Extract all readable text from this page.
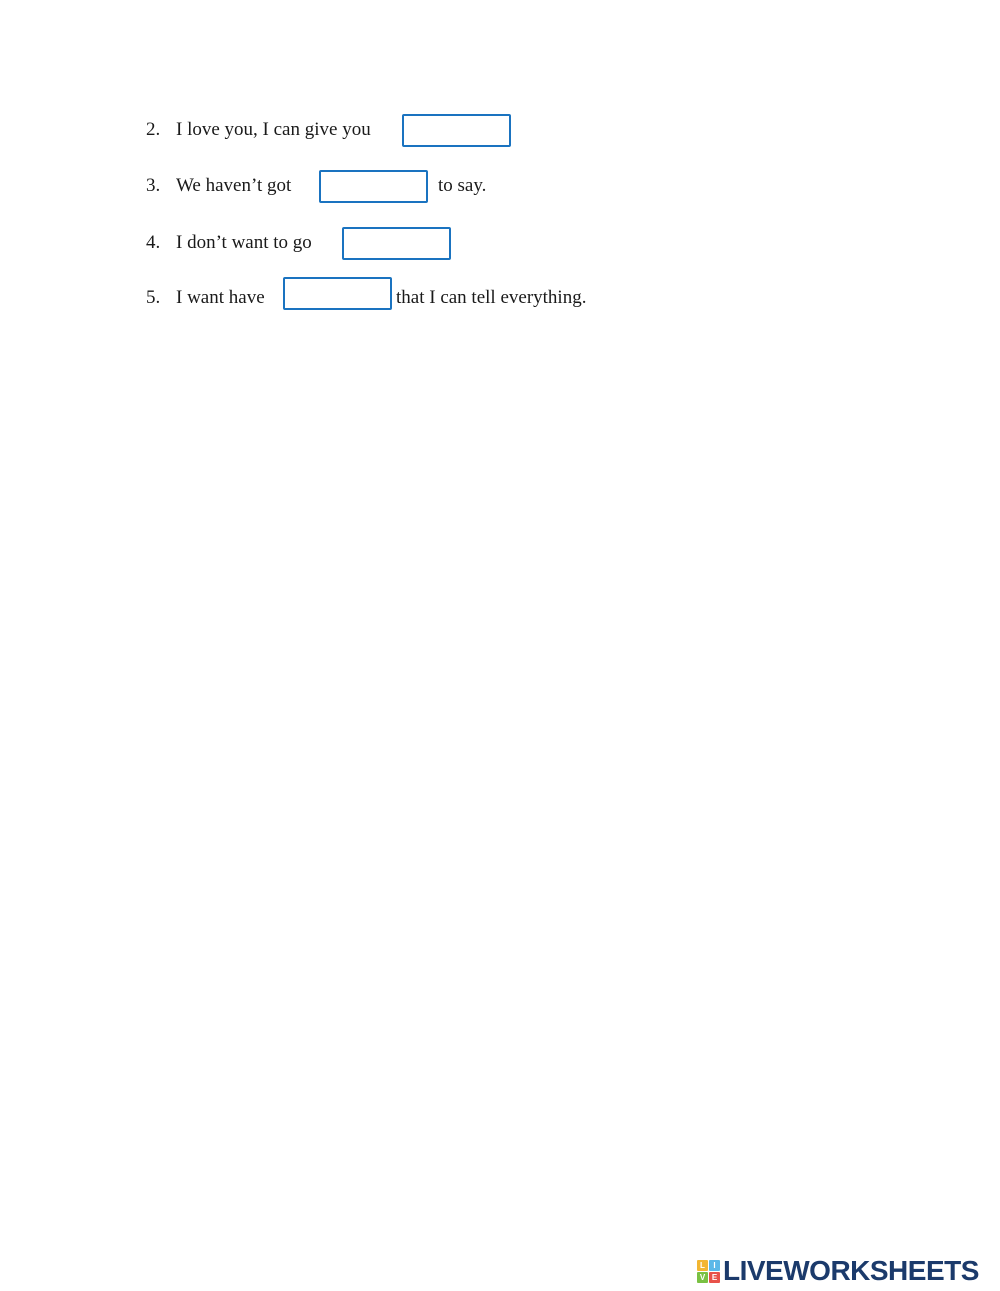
2. I love you, I can give you
3. We haven’t got	to say.
4. I don’t want to go
5. I want have	that I can tell everything.
L	I
V E LIVEWORKSHEETS
